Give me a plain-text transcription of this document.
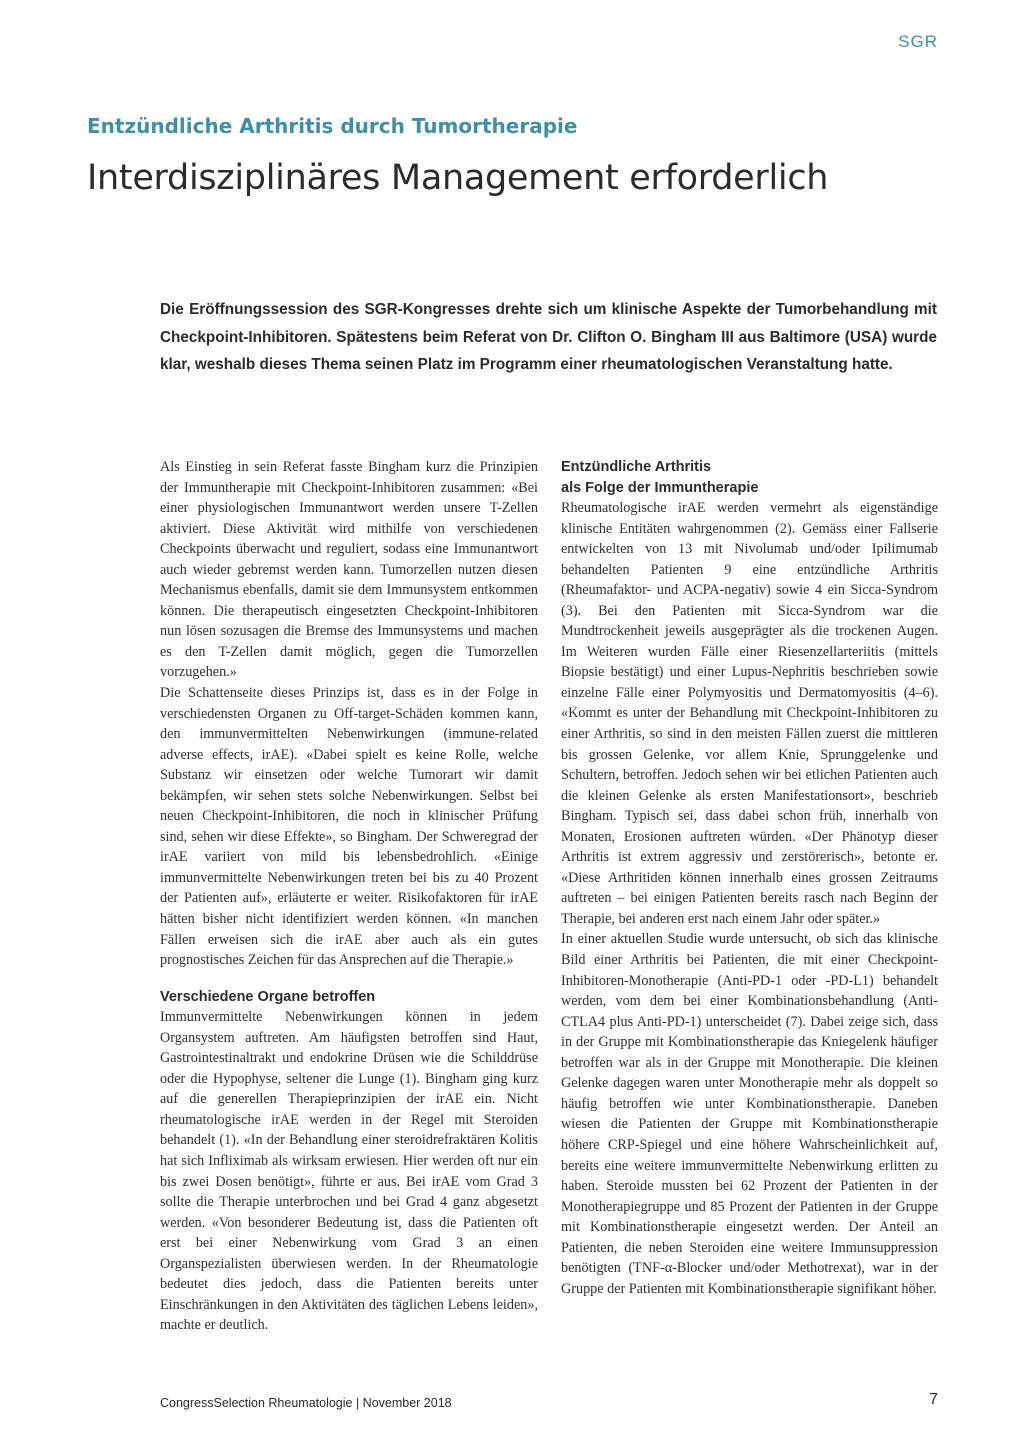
SGR
Entzündliche Arthritis durch Tumortherapie
Interdisziplinäres Management erforderlich

Die Eröffnungssession des SGR-Kongresses drehte sich um klinische Aspekte der Tumorbehandlung mit Checkpoint-Inhibitoren. Spätestens beim Referat von Dr. Clifton O. Bingham III aus Baltimore (USA) wurde klar, weshalb dieses Thema seinen Platz im Programm einer rheumatologischen Veranstaltung hatte.

Als Einstieg in sein Referat fasste Bingham kurz die Prinzipien der Immuntherapie mit Checkpoint-Inhibitoren zusammen: «Bei einer physiologischen Immunantwort werden unsere T-Zellen aktiviert. Diese Aktivität wird mithilfe von verschiedenen Checkpoints überwacht und reguliert, sodass eine Immunantwort auch wieder gebremst werden kann. Tumorzellen nutzen diesen Mechanismus ebenfalls, damit sie dem Immunsystem entkommen können. Die therapeutisch eingesetzten Checkpoint-Inhibitoren nun lösen sozusagen die Bremse des Immunsystems und machen es den T-Zellen damit möglich, gegen die Tumorzellen vorzugehen.»

Die Schattenseite dieses Prinzips ist, dass es in der Folge in verschiedensten Organen zu Off-target-Schäden kommen kann, den immunvermittelten Nebenwirkungen (immune-related adverse effects, irAE). «Dabei spielt es keine Rolle, welche Substanz wir einsetzen oder welche Tumorart wir damit bekämpfen, wir sehen stets solche Nebenwirkungen. Selbst bei neuen Checkpoint-Inhibitoren, die noch in klinischer Prüfung sind, sehen wir diese Effekte», so Bingham. Der Schweregrad der irAE variiert von mild bis lebensbedrohlich. «Einige immunvermittelte Nebenwirkungen treten bei bis zu 40 Prozent der Patienten auf», erläuterte er weiter. Risikofaktoren für irAE hätten bisher nicht identifiziert werden können. «In manchen Fällen erweisen sich die irAE aber auch als ein gutes prognostisches Zeichen für das Ansprechen auf die Therapie.»

Verschiedene Organe betroffen

Immunvermittelte Nebenwirkungen können in jedem Organsystem auftreten. Am häufigsten betroffen sind Haut, Gastrointestinaltrakt und endokrine Drüsen wie die Schilddrüse oder die Hypophyse, seltener die Lunge (1). Bingham ging kurz auf die generellen Therapieprinzipien der irAE ein. Nicht rheumatologische irAE werden in der Regel mit Steroiden behandelt (1). «In der Behandlung einer steroidrefraktären Kolitis hat sich Infliximab als wirksam erwiesen. Hier werden oft nur ein bis zwei Dosen benötigt», führte er aus. Bei irAE vom Grad 3 sollte die Therapie unterbrochen und bei Grad 4 ganz abgesetzt werden. «Von besonderer Bedeutung ist, dass die Patienten oft erst bei einer Nebenwirkung vom Grad 3 an einen Organspezialisten überwiesen werden. In der Rheumatologie bedeutet dies jedoch, dass die Patienten bereits unter Einschränkungen in den Aktivitäten des täglichen Lebens leiden», machte er deutlich.

Entzündliche Arthritis
als Folge der Immuntherapie

Rheumatologische irAE werden vermehrt als eigenständige klinische Entitäten wahrgenommen (2). Gemäss einer Fallserie entwickelten von 13 mit Nivolumab und/oder Ipilimumab behandelten Patienten 9 eine entzündliche Arthritis (Rheumafaktor- und ACPA-negativ) sowie 4 ein Sicca-Syndrom (3). Bei den Patienten mit Sicca-Syndrom war die Mundtrockenheit jeweils ausgeprägter als die trockenen Augen. Im Weiteren wurden Fälle einer Riesenzellarteriitis (mittels Biopsie bestätigt) und einer Lupus-Nephritis beschrieben sowie einzelne Fälle einer Polymyositis und Dermatomyositis (4–6). «Kommt es unter der Behandlung mit Checkpoint-Inhibitoren zu einer Arthritis, so sind in den meisten Fällen zuerst die mittleren bis grossen Gelenke, vor allem Knie, Sprunggelenke und Schultern, betroffen. Jedoch sehen wir bei etlichen Patienten auch die kleinen Gelenke als ersten Manifestationsort», beschrieb Bingham. Typisch sei, dass dabei schon früh, innerhalb von Monaten, Erosionen auftreten würden. «Der Phänotyp dieser Arthritis ist extrem aggressiv und zerstörerisch», betonte er. «Diese Arthritiden können innerhalb eines grossen Zeitraums auftreten – bei einigen Patienten bereits rasch nach Beginn der Therapie, bei anderen erst nach einem Jahr oder später.»

In einer aktuellen Studie wurde untersucht, ob sich das klinische Bild einer Arthritis bei Patienten, die mit einer Checkpoint-Inhibitoren-Monotherapie (Anti-PD-1 oder -PD-L1) behandelt werden, vom dem bei einer Kombinationsbehandlung (Anti-CTLA4 plus Anti-PD-1) unterscheidet (7). Dabei zeige sich, dass in der Gruppe mit Kombinationstherapie das Kniegelenk häufiger betroffen war als in der Gruppe mit Monotherapie. Die kleinen Gelenke dagegen waren unter Monotherapie mehr als doppelt so häufig betroffen wie unter Kombinationstherapie. Daneben wiesen die Patienten der Gruppe mit Kombinationstherapie höhere CRP-Spiegel und eine höhere Wahrscheinlichkeit auf, bereits eine weitere immunvermittelte Nebenwirkung erlitten zu haben. Steroide mussten bei 62 Prozent der Patienten in der Monotherapiegruppe und 85 Prozent der Patienten in der Gruppe mit Kombinationstherapie eingesetzt werden. Der Anteil an Patienten, die neben Steroiden eine weitere Immunsuppression benötigten (TNF-α-Blocker und/oder Methotrexat), war in der Gruppe der Patienten mit Kombinationstherapie signifikant höher.

CongressSelection Rheumatologie | November 2018	7
